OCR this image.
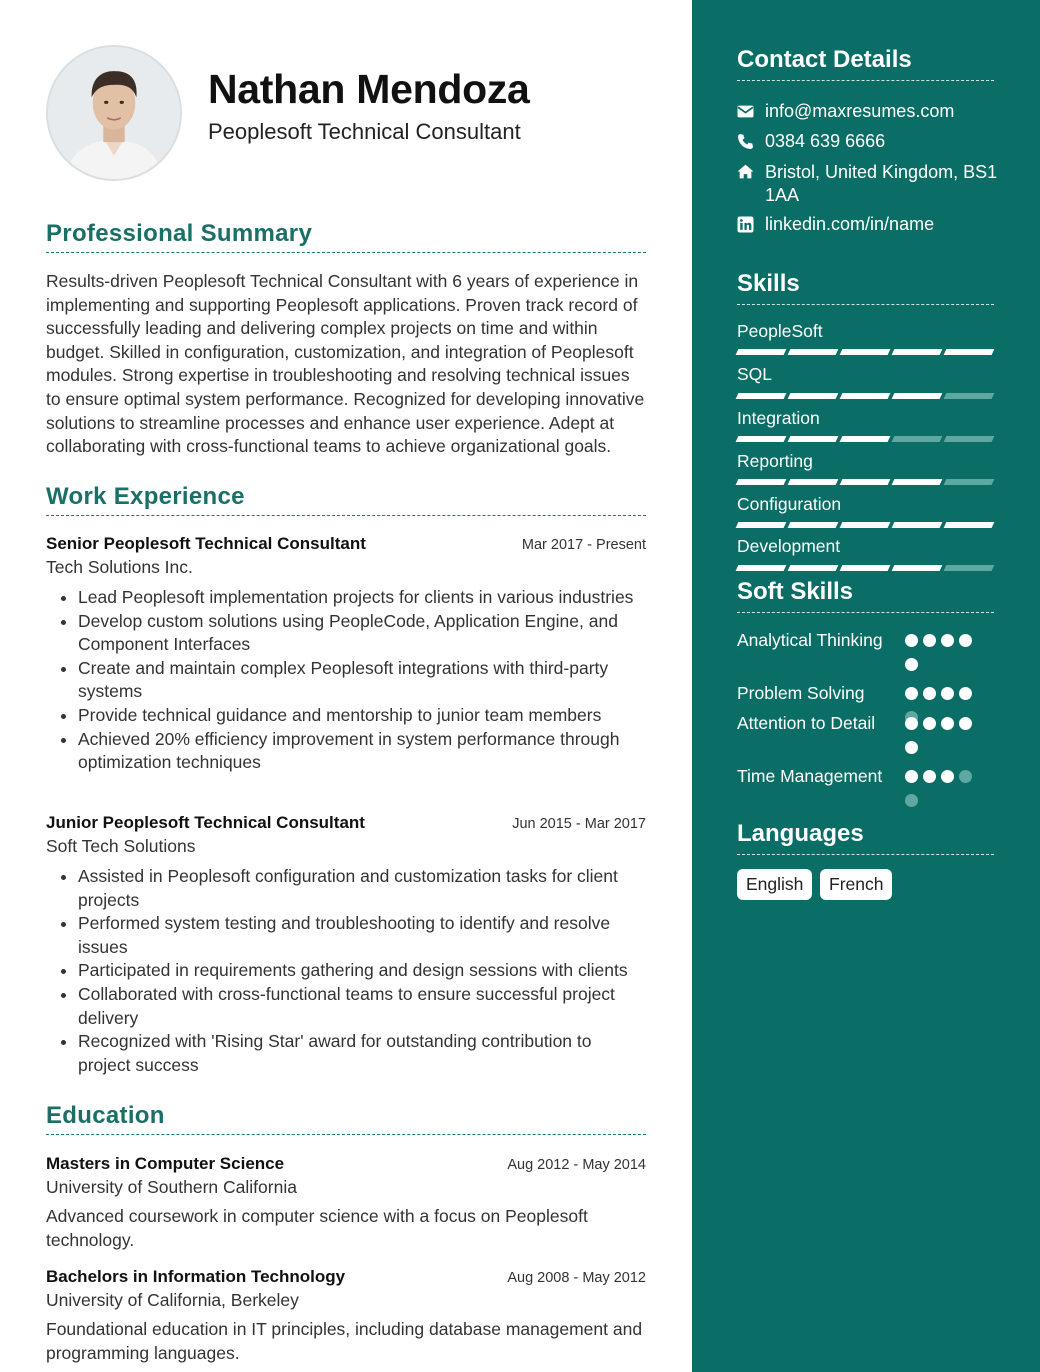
Nathan Mendoza
Peoplesoft Technical Consultant
Professional Summary
Results-driven Peoplesoft Technical Consultant with 6 years of experience in implementing and supporting Peoplesoft applications. Proven track record of successfully leading and delivering complex projects on time and within budget. Skilled in configuration, customization, and integration of Peoplesoft modules. Strong expertise in troubleshooting and resolving technical issues to ensure optimal system performance. Recognized for developing innovative solutions to streamline processes and enhance user experience. Adept at collaborating with cross-functional teams to achieve organizational goals.
Work Experience
Senior Peoplesoft Technical Consultant	Mar 2017 - Present
Tech Solutions Inc.
• Lead Peoplesoft implementation projects for clients in various industries
• Develop custom solutions using PeopleCode, Application Engine, and Component Interfaces
• Create and maintain complex Peoplesoft integrations with third-party systems
• Provide technical guidance and mentorship to junior team members
• Achieved 20% efficiency improvement in system performance through optimization techniques
Junior Peoplesoft Technical Consultant	Jun 2015 - Mar 2017
Soft Tech Solutions
• Assisted in Peoplesoft configuration and customization tasks for client projects
• Performed system testing and troubleshooting to identify and resolve issues
• Participated in requirements gathering and design sessions with clients
• Collaborated with cross-functional teams to ensure successful project delivery
• Recognized with 'Rising Star' award for outstanding contribution to project success
Education
Masters in Computer Science	Aug 2012 - May 2014
University of Southern California
Advanced coursework in computer science with a focus on Peoplesoft technology.
Bachelors in Information Technology	Aug 2008 - May 2012
University of California, Berkeley
Foundational education in IT principles, including database management and programming languages.
Contact Details
info@maxresumes.com
0384 639 6666
Bristol, United Kingdom, BS1 1AA
linkedin.com/in/name
Skills
PeopleSoft
SQL
Integration
Reporting
Configuration
Development
Soft Skills
Analytical Thinking
Problem Solving
Attention to Detail
Time Management
Languages
English	French
